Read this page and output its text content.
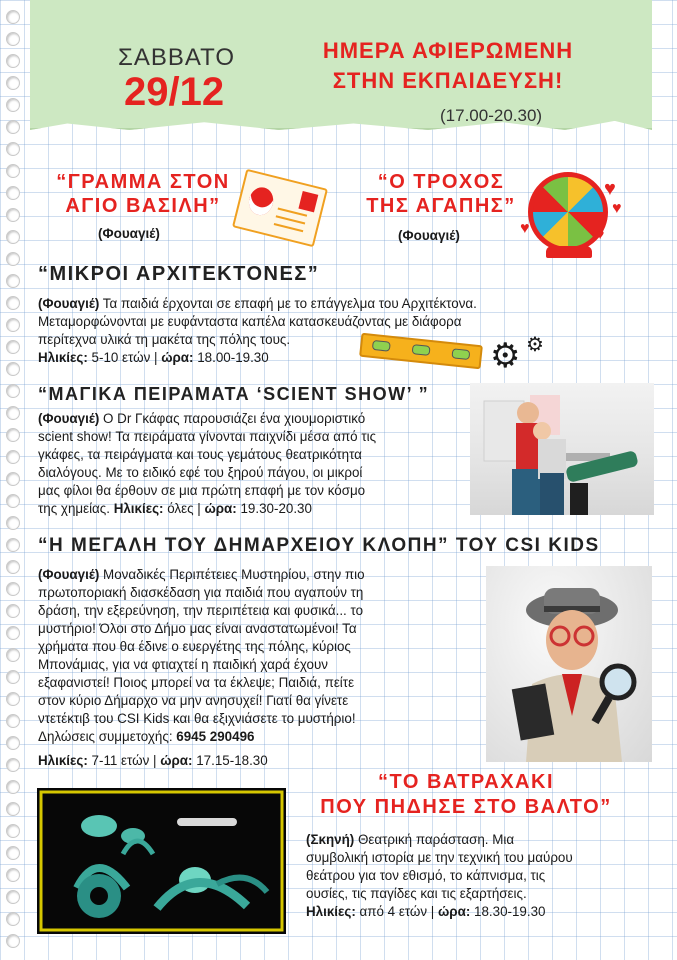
ΣΑΒΒΑΤΟ
29/12
ΗΜΕΡΑ ΑΦΙΕΡΩΜΕΝΗ
ΣΤΗΝ ΕΚΠΑΙΔΕΥΣΗ!
(17.00-20.30)
“ΓΡΑΜΜΑ ΣΤΟΝ
ΑΓΙΟ ΒΑΣΙΛΗ”
(Φουαγιέ)
“Ο ΤΡΟΧΟΣ
ΤΗΣ ΑΓΑΠΗΣ”
(Φουαγιέ)
♥
♥
♥	♥
“ΜΙΚΡΟΙ ΑΡΧΙΤΕΚΤΟΝΕΣ”
(Φουαγιέ) Τα παιδιά έρχονται σε επαφή με το επάγγελμα του Αρχιτέκτονα.
Μεταμορφώνονται με ευφάνταστα καπέλα κατασκευάζοντας με διάφορα
περίτεχνα υλικά τη μακέτα της πόλης τους.
Ηλικίες: 5-10 ετών | ώρα: 18.00-19.30	⚙ ⚙
“ΜΑΓΙΚΑ ΠΕΙΡΑΜΑΤΑ ‘SCIENT SHOW’ ”
(Φουαγιέ) Ο Dr Γκάφας παρουσιάζει ένα χιουμοριστικό
scient show! Τα πειράματα γίνονται παιχνίδι μέσα από τις
γκάφες, τα πειράγματα και τους γεμάτους θεατρικότητα
διαλόγους. Με το ειδικό εφέ του ξηρού πάγου, οι μικροί
μας φίλοι θα έρθουν σε μια πρώτη επαφή με τον κόσμο
της χημείας. Ηλικίες: όλες | ώρα: 19.30-20.30
“Η ΜΕΓΑΛΗ ΤΟΥ ΔΗΜΑΡΧΕΙΟΥ ΚΛΟΠΗ” ΤΟΥ CSI KIDS
(Φουαγιέ) Μοναδικές Περιπέτειες Μυστηρίου, στην πιο
πρωτοποριακή διασκέδαση για παιδιά που αγαπούν τη
δράση, την εξερεύνηση, την περιπέτεια και φυσικά... το
μυστήριο! Όλοι στο Δήμο μας είναι αναστατωμένοι! Τα
χρήματα που θα έδινε ο ευεργέτης της πόλης, κύριος
Μπονάμιας, για να φτιαχτεί η παιδική χαρά έχουν
εξαφανιστεί! Ποιος μπορεί να τα έκλεψε; Παιδιά, πείτε
στον κύριο Δήμαρχο να μην ανησυχεί! Γιατί θα γίνετε
ντετέκτιβ του CSI Kids και θα εξιχνιάσετε το μυστήριο!
Δηλώσεις συμμετοχής: 6945 290496
Ηλικίες: 7-11 ετών | ώρα: 17.15-18.30
“ΤΟ ΒΑΤΡΑΧΑΚΙ
ΠΟΥ ΠΗΔΗΣΕ ΣΤΟ ΒΑΛΤΟ”
(Σκηνή) Θεατρική παράσταση. Μια
συμβολική ιστορία με την τεχνική του μαύρου
θεάτρου για τον εθισμό, το κάπνισμα, τις
ουσίες, τις παγίδες και τις εξαρτήσεις.
Ηλικίες: από 4 ετών | ώρα: 18.30-19.30
